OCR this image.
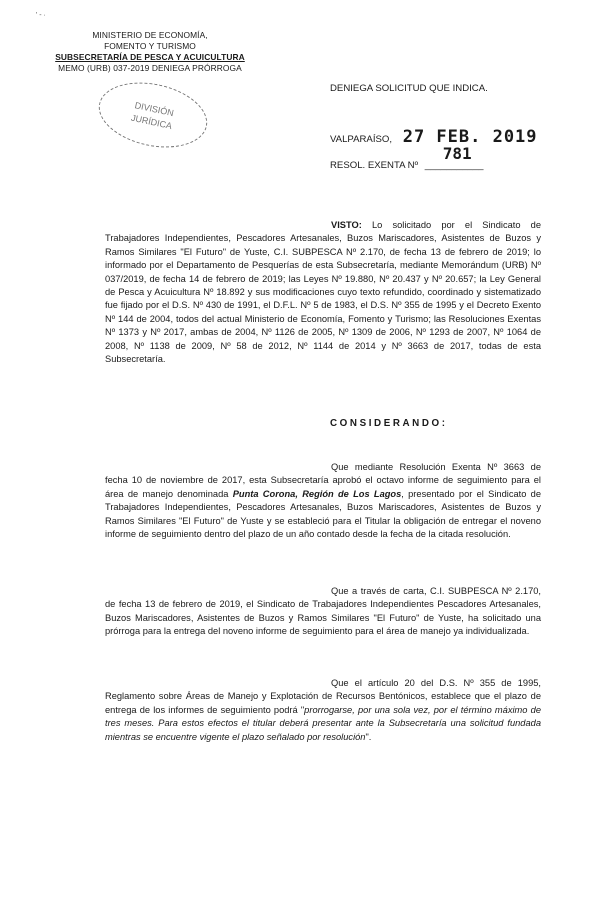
' - ·
MINISTERIO DE ECONOMÍA,
FOMENTO Y TURISMO
SUBSECRETARÍA DE PESCA Y ACUICULTURA
MEMO (URB) 037-2019 DENIEGA PRÓRROGA
DIVISIÓN
JURÍDICA
DENIEGA SOLICITUD QUE INDICA.
VALPARAÍSO, 27 FEB. 2019
RESOL. EXENTA Nº ___________
781
VISTO: Lo solicitado por el Sindicato de Trabajadores Independientes, Pescadores Artesanales, Buzos Mariscadores, Asistentes de Buzos y Ramos Similares "El Futuro" de Yuste, C.I. SUBPESCA Nº 2.170, de fecha 13 de febrero de 2019; lo informado por el Departamento de Pesquerías de esta Subsecretaría, mediante Memorándum (URB) Nº 037/2019, de fecha 14 de febrero de 2019; las Leyes Nº 19.880, Nº 20.437 y Nº 20.657; la Ley General de Pesca y Acuicultura Nº 18.892 y sus modificaciones cuyo texto refundido, coordinado y sistematizado fue fijado por el D.S. Nº 430 de 1991, el D.F.L. Nº 5 de 1983, el D.S. Nº 355 de 1995 y el Decreto Exento Nº 144 de 2004, todos del actual Ministerio de Economía, Fomento y Turismo; las Resoluciones Exentas Nº 1373 y Nº 2017, ambas de 2004, Nº 1126 de 2005, Nº 1309 de 2006, Nº 1293 de 2007, Nº 1064 de 2008, Nº 1138 de 2009, Nº 58 de 2012, Nº 1144 de 2014 y Nº 3663 de 2017, todas de esta Subsecretaría.
CONSIDERANDO:
Que mediante Resolución Exenta Nº 3663 de fecha 10 de noviembre de 2017, esta Subsecretaría aprobó el octavo informe de seguimiento para el área de manejo denominada Punta Corona, Región de Los Lagos, presentado por el Sindicato de Trabajadores Independientes, Pescadores Artesanales, Buzos Mariscadores, Asistentes de Buzos y Ramos Similares "El Futuro" de Yuste y se estableció para el Titular la obligación de entregar el noveno informe de seguimiento dentro del plazo de un año contado desde la fecha de la citada resolución.
Que a través de carta, C.I. SUBPESCA Nº 2.170, de fecha 13 de febrero de 2019, el Sindicato de Trabajadores Independientes Pescadores Artesanales, Buzos Mariscadores, Asistentes de Buzos y Ramos Similares "El Futuro" de Yuste, ha solicitado una prórroga para la entrega del noveno informe de seguimiento para el área de manejo ya individualizada.
Que el artículo 20 del D.S. Nº 355 de 1995, Reglamento sobre Áreas de Manejo y Explotación de Recursos Bentónicos, establece que el plazo de entrega de los informes de seguimiento podrá "prorrogarse, por una sola vez, por el término máximo de tres meses. Para estos efectos el titular deberá presentar ante la Subsecretaría una solicitud fundada mientras se encuentre vigente el plazo señalado por resolución".
